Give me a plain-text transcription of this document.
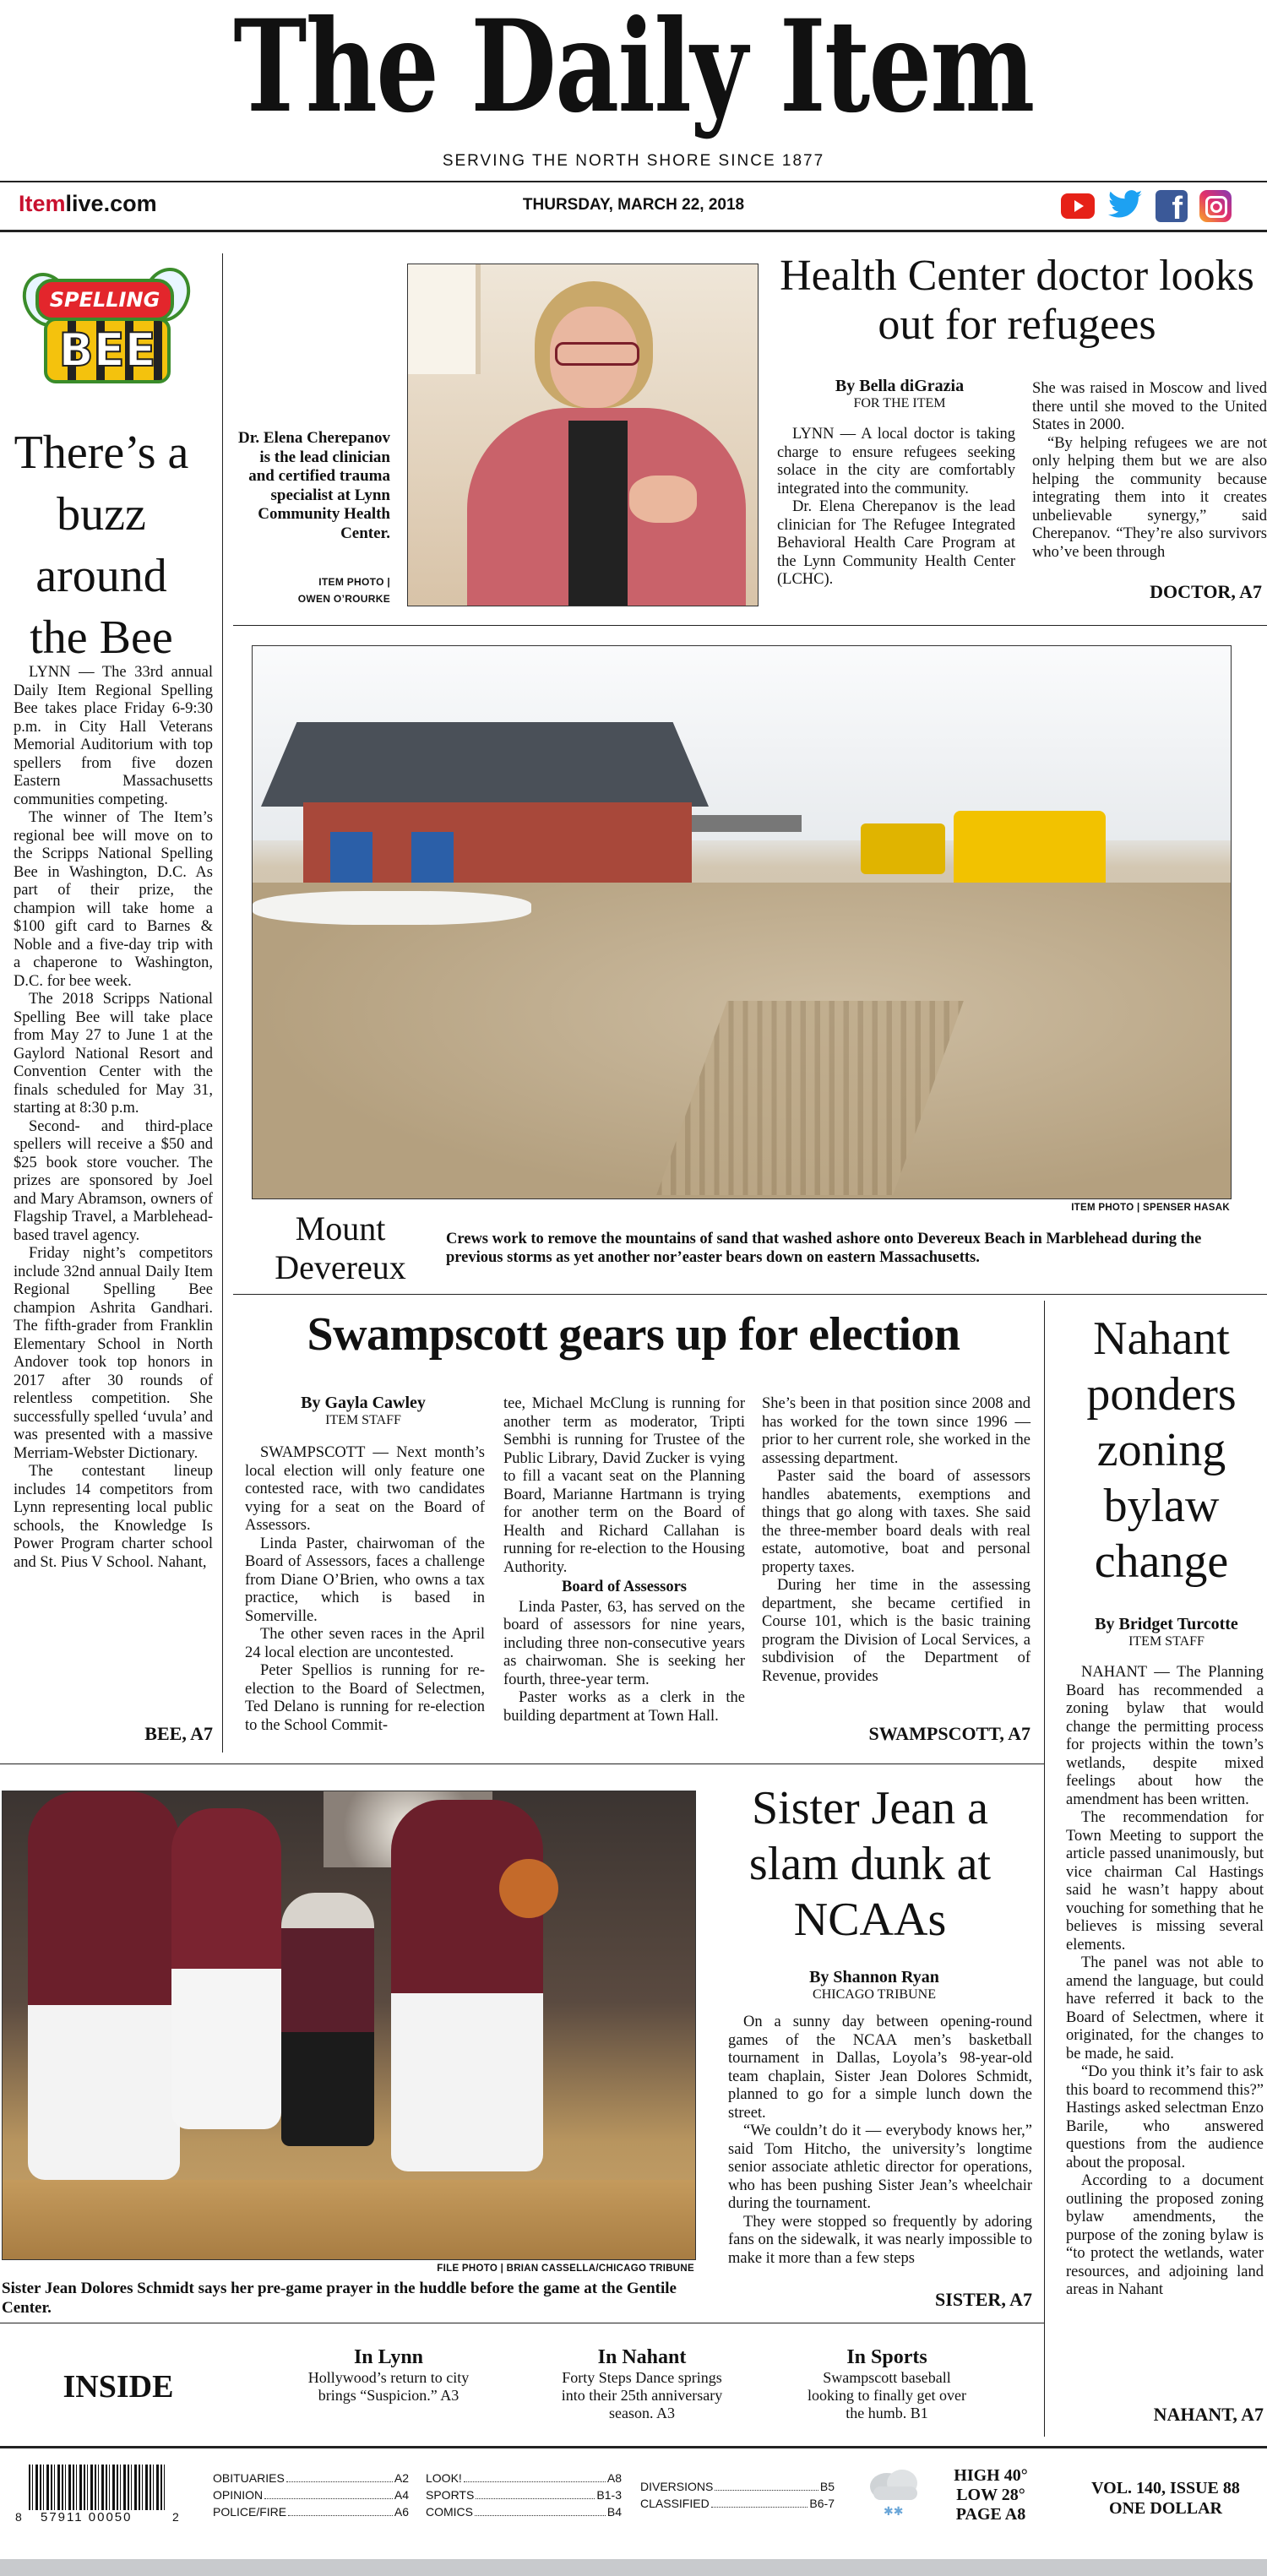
The Daily Item
SERVING THE NORTH SHORE SINCE 1877
Itemlive.com	THURSDAY, MARCH 22, 2018	f
SPELLING
BEE
There’s a buzz around the Bee

LYNN — The 33rd annual Daily Item Regional Spelling Bee takes place Friday 6-9:30 p.m. in City Hall Veterans Memorial Auditorium with top spellers from five dozen Eastern Massachusetts communities competing.

The winner of The Item’s regional bee will move on to the Scripps National Spelling Bee in Washington, D.C. As part of their prize, the champion will take home a $100 gift card to Barnes & Noble and a five-day trip with a chaperone to Washington, D.C. for bee week.

The 2018 Scripps National Spelling Bee will take place from May 27 to June 1 at the Gaylord National Resort and Convention Center with the finals scheduled for May 31, starting at 8:30 p.m.

Second- and third-place spellers will receive a $50 and $25 book store voucher. The prizes are sponsored by Joel and Mary Abramson, owners of Flagship Travel, a Marblehead-based travel agency.

Friday night’s competitors include 32nd annual Daily Item Regional Spelling Bee champion Ashrita Gandhari. The fifth-grader from Franklin Elementary School in North Andover took top honors in 2017 after 30 rounds of relentless competition. She successfully spelled ‘uvula’ and was presented with a massive Merriam-Webster Dictionary.

The contestant lineup includes 14 competitors from Lynn representing local public schools, the Knowledge Is Power Program charter school and St. Pius V School. Nahant,

BEE, A7
Dr. Elena Cherepanov is the lead clinician and certified trauma specialist at Lynn Community Health Center.
ITEM PHOTO |
OWEN O’ROURKE
Health Center doctor looks out for refugees
By Bella diGrazia
FOR THE ITEM

LYNN — A local doctor is taking charge to ensure refugees seeking solace in the city are comfortably integrated into the community.

Dr. Elena Cherepanov is the lead clinician for The Refugee Integrated Behavioral Health Care Program at the Lynn Community Health Center (LCHC).

She was raised in Moscow and lived there until she moved to the United States in 2000.

“By helping refugees we are not only helping them but we are also helping the community because integrating them into it creates unbelievable synergy,” said Cherepanov. “They’re also survivors who’ve been through

DOCTOR, A7
ITEM PHOTO | SPENSER HASAK
Mount Devereux
Crews work to remove the mountains of sand that washed ashore onto Devereux Beach in Marblehead during the previous storms as yet another nor’easter bears down on eastern Massachusetts.
Swampscott gears up for election
By Gayla Cawley
ITEM STAFF

SWAMPSCOTT — Next month’s local election will only feature one contested race, with two candidates vying for a seat on the Board of Assessors.

Linda Paster, chairwoman of the Board of Assessors, faces a challenge from Diane O’Brien, who owns a tax practice, which is based in Somerville.

The other seven races in the April 24 local election are uncontested.

Peter Spellios is running for re-election to the Board of Selectmen, Ted Delano is running for re-election to the School Commit-

tee, Michael McClung is running for another term as moderator, Tripti Sembhi is running for Trustee of the Public Library, David Zucker is vying to fill a vacant seat on the Planning Board, Marianne Hartmann is trying for another term on the Board of Health and Richard Callahan is running for re-election to the Housing Authority.

Board of Assessors

Linda Paster, 63, has served on the board of assessors for nine years, including three non-consecutive years as chairwoman. She is seeking her fourth, three-year term.

Paster works as a clerk in the building department at Town Hall.

She’s been in that position since 2008 and has worked for the town since 1996 — prior to her current role, she worked in the assessing department.

Paster said the board of assessors handles abatements, exemptions and things that go along with taxes. She said the three-member board deals with real estate, automotive, boat and personal property taxes.

During her time in the assessing department, she became certified in Course 101, which is the basic training program the Division of Local Services, a subdivision of the Department of Revenue, provides

SWAMPSCOTT, A7
Nahant ponders zoning bylaw change
By Bridget Turcotte
ITEM STAFF

NAHANT — The Planning Board has recommended a zoning bylaw that would change the permitting process for projects within the town’s wetlands, despite mixed feelings about how the amendment has been written.

The recommendation for Town Meeting to support the article passed unanimously, but vice chairman Cal Hastings said he wasn’t happy about vouching for something that he believes is missing several elements.

The panel was not able to amend the language, but could have referred it back to the Board of Selectmen, where it originated, for the changes to be made, he said.

“Do you think it’s fair to ask this board to recommend this?” Hastings asked selectman Enzo Barile, who answered questions from the audience about the proposal.

According to a document outlining the proposed zoning bylaw amendments, the purpose of the zoning bylaw is “to protect the wetlands, water resources, and adjoining land areas in Nahant

NAHANT, A7
FILE PHOTO | BRIAN CASSELLA/CHICAGO TRIBUNE
Sister Jean Dolores Schmidt says her pre-game prayer in the huddle before the game at the Gentile Center.
Sister Jean a slam dunk at NCAAs
By Shannon Ryan
CHICAGO TRIBUNE

On a sunny day between opening-round games of the NCAA men’s basketball tournament in Dallas, Loyola’s 98-year-old team chaplain, Sister Jean Dolores Schmidt, planned to go for a simple lunch down the street.

“We couldn’t do it — everybody knows her,” said Tom Hitcho, the university’s longtime senior associate athletic director for operations, who has been pushing Sister Jean’s wheelchair during the tournament.

They were stopped so frequently by adoring fans on the sidewalk, it was nearly impossible to make it more than a few steps

SISTER, A7
INSIDE
In Lynn
Hollywood’s return to city brings “Suspicion.” A3
In Nahant
Forty Steps Dance springs into their 25th anniversary season. A3
In Sports
Swampscott baseball looking to finally get over the humb. B1
8 57911 00050	2
OBITUARIES	A2
OPINION	A4
POLICE/FIRE	A6
LOOK!	A8
SPORTS	B1-3
COMICS	B4
DIVERSIONS	B5
CLASSIFIED	B6-7
✱✱
HIGH 40°
LOW 28°
PAGE A8
VOL. 140, ISSUE 88
ONE DOLLAR
